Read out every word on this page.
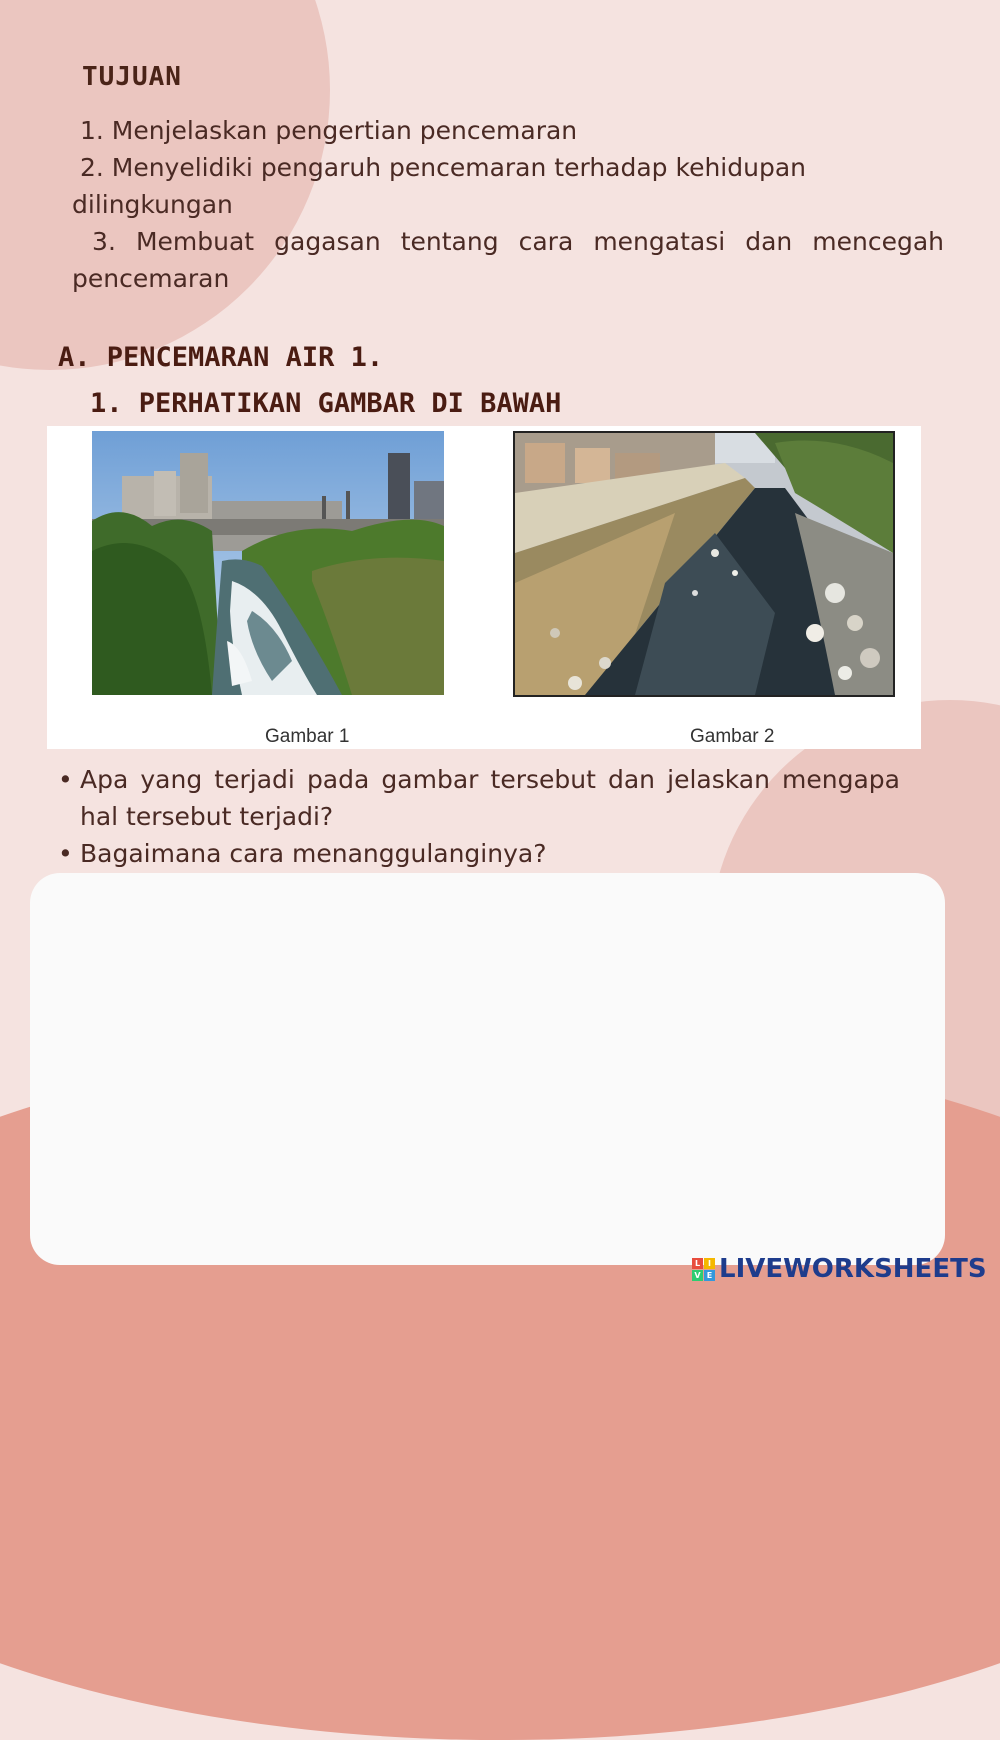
TUJUAN
1. Menjelaskan pengertian pencemaran
2. Menyelidiki pengaruh pencemaran terhadap kehidupan dilingkungan
3. Membuat gagasan tentang cara mengatasi dan mencegah pencemaran
A. PENCEMARAN AIR 1.
1. PERHATIKAN GAMBAR DI BAWAH
Gambar 1	Gambar 2
• Apa yang terjadi pada gambar tersebut dan jelaskan mengapa hal tersebut terjadi?
• Bagaimana cara menanggulanginya?
L I
V E LIVEWORKSHEETS
